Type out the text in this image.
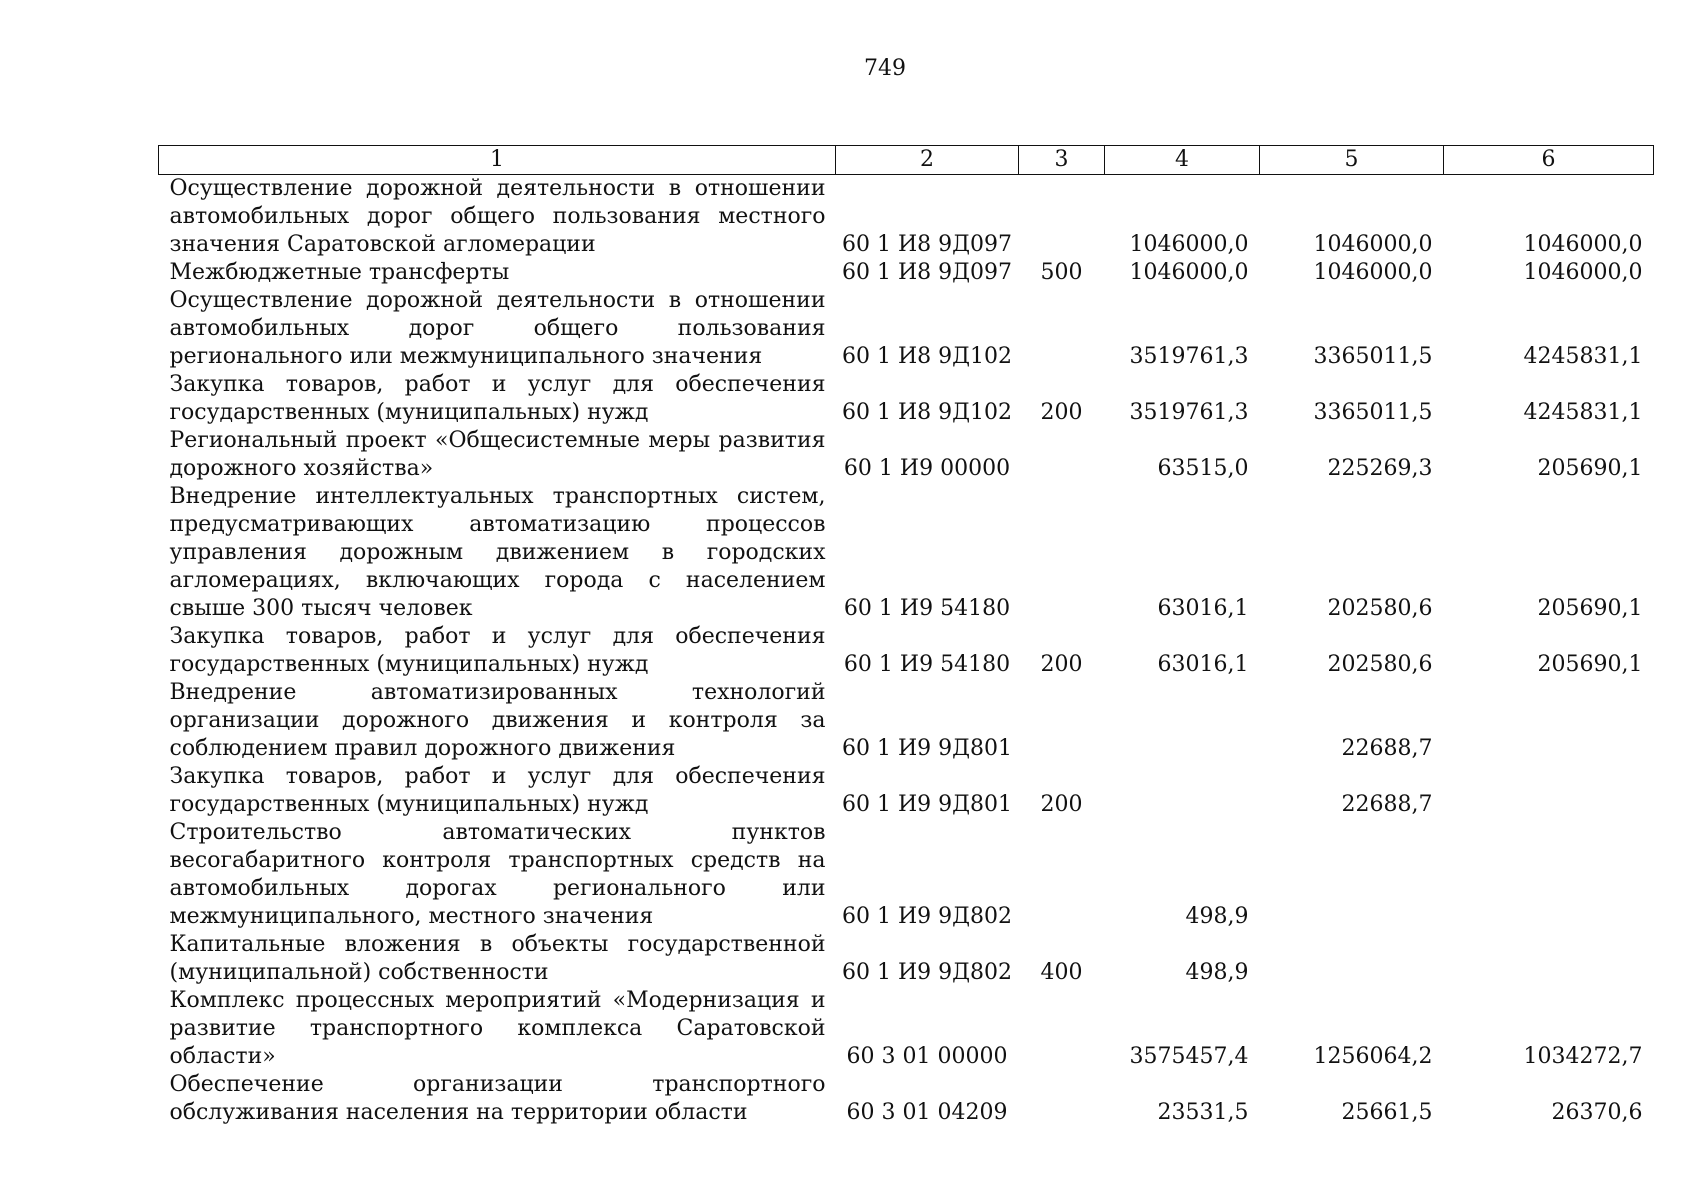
749
1	2	3	4	5	6
Осуществление дорожной деятельности в отношении автомобильных дорог общего пользования местного значения Саратовской агломерации	60 1 И8 9Д097		1046000,0	1046000,0	1046000,0
Межбюджетные трансферты	60 1 И8 9Д097	500	1046000,0	1046000,0	1046000,0
Осуществление дорожной деятельности в отношении автомобильных дорог общего пользования регионального или межмуниципального значения	60 1 И8 9Д102		3519761,3	3365011,5	4245831,1
Закупка товаров, работ и услуг для обеспечения государственных (муниципальных) нужд	60 1 И8 9Д102	200	3519761,3	3365011,5	4245831,1
Региональный проект «Общесистемные меры развития дорожного хозяйства»	60 1 И9 00000		63515,0	225269,3	205690,1
Внедрение интеллектуальных транспортных систем, предусматривающих автоматизацию процессов управления дорожным движением в городских агломерациях, включающих города с населением свыше 300 тысяч человек	60 1 И9 54180		63016,1	202580,6	205690,1
Закупка товаров, работ и услуг для обеспечения государственных (муниципальных) нужд	60 1 И9 54180	200	63016,1	202580,6	205690,1
Внедрение автоматизированных технологий организации дорожного движения и контроля за соблюдением правил дорожного движения	60 1 И9 9Д801			22688,7	
Закупка товаров, работ и услуг для обеспечения государственных (муниципальных) нужд	60 1 И9 9Д801	200		22688,7	
Строительство автоматических пунктов весогабаритного контроля транспортных средств на автомобильных дорогах регионального или межмуниципального, местного значения	60 1 И9 9Д802		498,9		
Капитальные вложения в объекты государственной (муниципальной) собственности	60 1 И9 9Д802	400	498,9		
Комплекс процессных мероприятий «Модернизация и развитие транспортного комплекса Саратовской области»	60 3 01 00000		3575457,4	1256064,2	1034272,7
Обеспечение организации транспортного обслуживания населения на территории области	60 3 01 04209		23531,5	25661,5	26370,6
